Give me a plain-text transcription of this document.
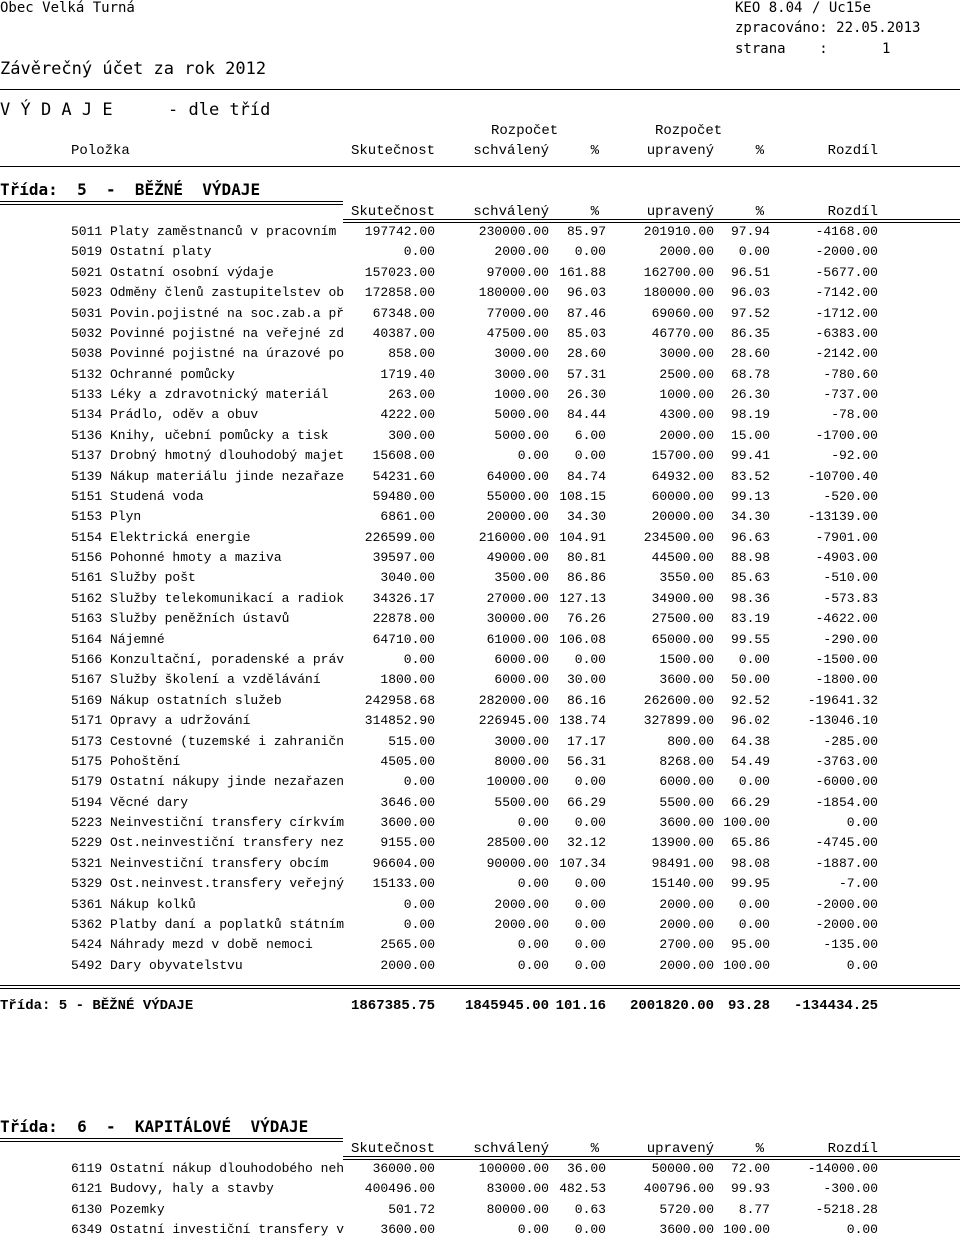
Obec Velká Turná	KEO 8.04 / Uc15e
zpracováno: 22.05.2013
strana    :	1
Závěrečný účet za rok 2012
V Ý D A J E	- dle tříd
Rozpočet	Rozpočet
Položka	Skutečnost	schválený	%	upravený	%	Rozdíl
Třída:  5  -  BĚŽNÉ  VÝDAJE
Skutečnost	schválený	%	upravený	%	Rozdíl
5011 Platy zaměstnanců v pracovním 197742.00	230000.00 85.97	201910.00 97.94	-4168.00
5019 Ostatní platy	0.00	2000.00 0.00	2000.00 0.00	-2000.00
5021 Ostatní osobní výdaje	157023.00	97000.00 161.88	162700.00 96.51	-5677.00
5023 Odměny členů zastupitelstev ob 172858.00	180000.00 96.03	180000.00 96.03	-7142.00
5031 Povin.pojistné na soc.zab.a př 67348.00	77000.00 87.46	69060.00 97.52	-1712.00
5032 Povinné pojistné na veřejné zd 40387.00	47500.00 85.03	46770.00 86.35	-6383.00
5038 Povinné pojistné na úrazové po	858.00	3000.00 28.60	3000.00 28.60	-2142.00
5132 Ochranné pomůcky	1719.40	3000.00 57.31	2500.00 68.78	-780.60
5133 Léky a zdravotnický materiál	263.00	1000.00 26.30	1000.00 26.30	-737.00
5134 Prádlo, oděv a obuv	4222.00	5000.00 84.44	4300.00 98.19	-78.00
5136 Knihy, učební pomůcky a tisk	300.00	5000.00 6.00	2000.00 15.00	-1700.00
5137 Drobný hmotný dlouhodobý majet 15608.00	0.00 0.00	15700.00 99.41	-92.00
5139 Nákup materiálu jinde nezařaze 54231.60	64000.00 84.74	64932.00 83.52	-10700.40
5151 Studená voda	59480.00	55000.00 108.15	60000.00 99.13	-520.00
5153 Plyn	6861.00	20000.00 34.30	20000.00 34.30	-13139.00
5154 Elektrická energie	226599.00	216000.00 104.91	234500.00 96.63	-7901.00
5156 Pohonné hmoty a maziva	39597.00	49000.00 80.81	44500.00 88.98	-4903.00
5161 Služby pošt	3040.00	3500.00 86.86	3550.00 85.63	-510.00
5162 Služby telekomunikací a radiok 34326.17	27000.00 127.13	34900.00 98.36	-573.83
5163 Služby peněžních ústavů	22878.00	30000.00 76.26	27500.00 83.19	-4622.00
5164 Nájemné	64710.00	61000.00 106.08	65000.00 99.55	-290.00
5166 Konzultační, poradenské a práv	0.00	6000.00 0.00	1500.00 0.00	-1500.00
5167 Služby školení a vzdělávání	1800.00	6000.00 30.00	3600.00 50.00	-1800.00
5169 Nákup ostatních služeb	242958.68	282000.00 86.16	262600.00 92.52	-19641.32
5171 Opravy a udržování	314852.90	226945.00 138.74	327899.00 96.02	-13046.10
5173 Cestovné (tuzemské i zahraničn	515.00	3000.00 17.17	800.00 64.38	-285.00
5175 Pohoštění	4505.00	8000.00 56.31	8268.00 54.49	-3763.00
5179 Ostatní nákupy jinde nezařazen	0.00	10000.00 0.00	6000.00 0.00	-6000.00
5194 Věcné dary	3646.00	5500.00 66.29	5500.00 66.29	-1854.00
5223 Neinvestiční transfery církvím	3600.00	0.00 0.00	3600.00 100.00	0.00
5229 Ost.neinvestiční transfery nez	9155.00	28500.00 32.12	13900.00 65.86	-4745.00
5321 Neinvestiční transfery obcím	96604.00	90000.00 107.34	98491.00 98.08	-1887.00
5329 Ost.neinvest.transfery veřejný 15133.00	0.00 0.00	15140.00 99.95	-7.00
5361 Nákup kolků	0.00	2000.00 0.00	2000.00 0.00	-2000.00
5362 Platby daní a poplatků státním	0.00	2000.00 0.00	2000.00 0.00	-2000.00
5424 Náhrady mezd v době nemoci	2565.00	0.00 0.00	2700.00 95.00	-135.00
5492 Dary obyvatelstvu	2000.00	0.00 0.00	2000.00 100.00	0.00
Třída: 5 - BĚŽNÉ VÝDAJE	1867385.75 1845945.00 101.16 2001820.00 93.28 -134434.25
Třída:  6  -  KAPITÁLOVÉ  VÝDAJE
Skutečnost	schválený	%	upravený	%	Rozdíl
6119 Ostatní nákup dlouhodobého neh 36000.00	100000.00 36.00	50000.00 72.00	-14000.00
6121 Budovy, haly a stavby	400496.00	83000.00 482.53	400796.00 99.93	-300.00
6130 Pozemky	501.72	80000.00 0.63	5720.00 8.77	-5218.28
6349 Ostatní investiční transfery v	3600.00	0.00 0.00	3600.00 100.00	0.00
